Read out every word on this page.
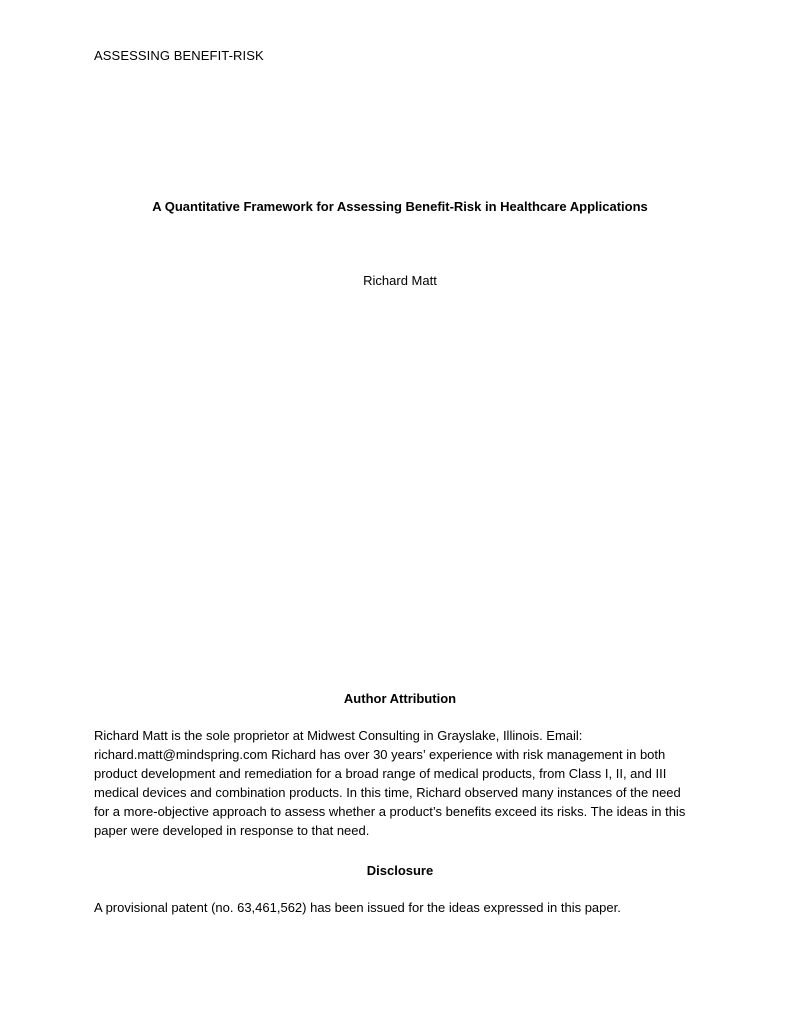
ASSESSING BENEFIT-RISK
A Quantitative Framework for Assessing Benefit-Risk in Healthcare Applications
Richard Matt
Author Attribution

Richard Matt is the sole proprietor at Midwest Consulting in Grayslake, Illinois. Email:
richard.matt@mindspring.com Richard has over 30 years’ experience with risk management in both
product development and remediation for a broad range of medical products, from Class I, II, and III
medical devices and combination products. In this time, Richard observed many instances of the need
for a more-objective approach to assess whether a product’s benefits exceed its risks. The ideas in this
paper were developed in response to that need.

Disclosure

A provisional patent (no. 63,461,562) has been issued for the ideas expressed in this paper.
